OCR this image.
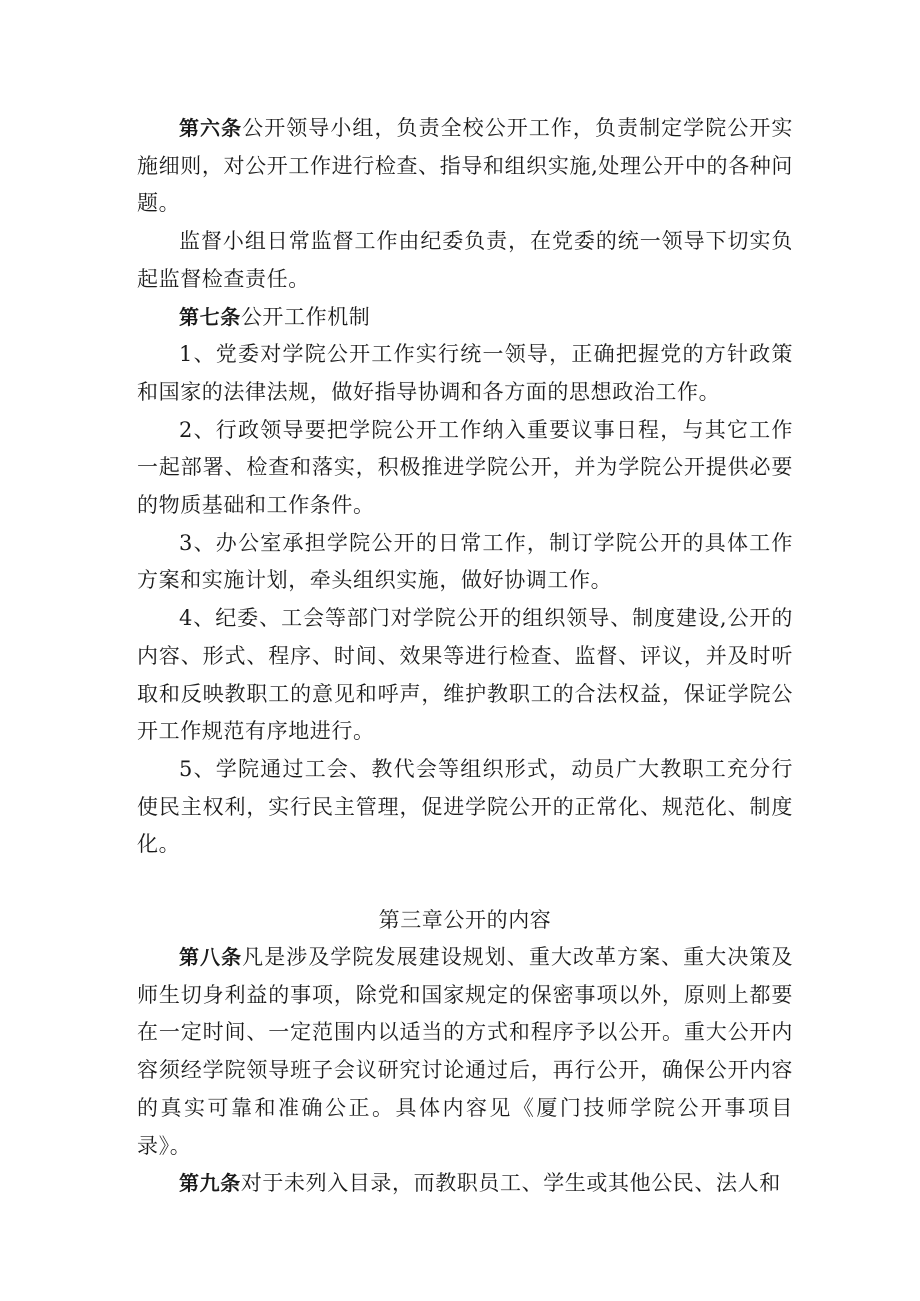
第六条公开领导小组，负责全校公开工作，负责制定学院公开实施细则，对公开工作进行检查、指导和组织实施,处理公开中的各种问题。

监督小组日常监督工作由纪委负责，在党委的统一领导下切实负起监督检查责任。

第七条公开工作机制

1、党委对学院公开工作实行统一领导，正确把握党的方针政策和国家的法律法规，做好指导协调和各方面的思想政治工作。

2、行政领导要把学院公开工作纳入重要议事日程，与其它工作一起部署、检查和落实，积极推进学院公开，并为学院公开提供必要的物质基础和工作条件。

3、办公室承担学院公开的日常工作，制订学院公开的具体工作方案和实施计划，牵头组织实施，做好协调工作。

4、纪委、工会等部门对学院公开的组织领导、制度建设,公开的内容、形式、程序、时间、效果等进行检查、监督、评议，并及时听取和反映教职工的意见和呼声，维护教职工的合法权益，保证学院公开工作规范有序地进行。

5、学院通过工会、教代会等组织形式，动员广大教职工充分行使民主权利，实行民主管理，促进学院公开的正常化、规范化、制度化。

第三章公开的内容

第八条凡是涉及学院发展建设规划、重大改革方案、重大决策及师生切身利益的事项，除党和国家规定的保密事项以外，原则上都要在一定时间、一定范围内以适当的方式和程序予以公开。重大公开内容须经学院领导班子会议研究讨论通过后，再行公开，确保公开内容的真实可靠和准确公正。具体内容见《厦门技师学院公开事项目录》。

第九条对于未列入目录，而教职员工、学生或其他公民、法人和
